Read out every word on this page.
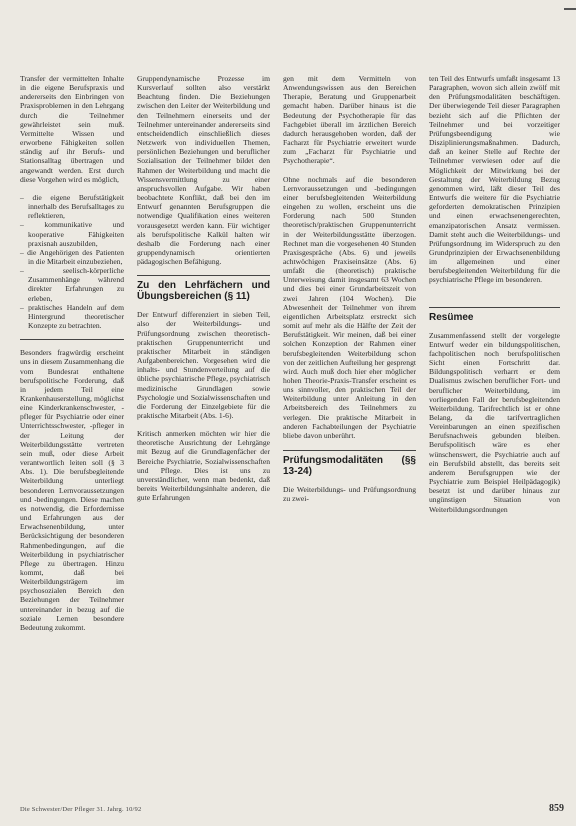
Transfer der vermittelten Inhalte in die eigene Berufspraxis und andererseits den Einbringen von Praxisproblemen in den Lehrgang durch die Teilnehmer gewährleistet sein muß. Vermittelte Wissen und erworbene Fähigkeiten sollen ständig auf ihr Berufs- und Stationsalltag übertragen und angewandt werden. Erst durch diese Vorgehen wird es möglich,

– die eigene Berufstätigkeit innerhalb des Berufsalltages zu reflektieren,
– kommunikative und kooperative Fähigkeiten praxisnah auszubilden,
– die Angehörigen des Patienten in die Mitarbeit einzubeziehen,
– seelisch-körperliche Zusammenhänge während direkter Erfahrungen zu erleben,
– praktisches Handeln auf dem Hintergrund theoretischer Konzepte zu betrachten.

Besonders fragwürdig erscheint uns in diesem Zusammenhang die vom Bundesrat enthaltene berufspolitische Forderung, daß in jedem Teil eine Krankenhauserstellung, möglichst eine Kinderkrankenschwester, -pfleger für Psychiatrie oder einer Unterrichtsschwester, -pfleger in der Leitung der Weiterbildungsstätte vertreten sein muß, oder diese Arbeit verantwortlich leiten soll (§ 3 Abs. 1). Die berufsbegleitende Weiterbildung unterliegt besonderen Lernvoraussetzungen und -bedingungen. Diese machen es notwendig, die Erfordernisse und Erfahrungen aus der Erwachsenenbildung, unter Berücksichtigung der besonderen Rahmenbedingungen, auf die Weiterbildung in psychiatrischer Pflege zu übertragen. Hinzu kommt, daß bei Weiterbildungsträgern im psychosozialen Bereich den Beziehungen der Teilnehmer untereinander in bezug auf die soziale Lernen besondere Bedeutung zukommt.

Gruppendynamische Prozesse im Kursverlauf sollten also verstärkt Beachtung finden. Die Beziehungen zwischen den Leiter der Weiterbildung und den Teilnehmern einerseits und der Teilnehmer untereinander andererseits sind entscheidendlich einschließlich dieses Netzwerk von individuellen Themen, persönlichen Beziehungen und beruflicher Sozialisation der Teilnehmer bildet den Rahmen der Weiterbildung und macht die Wissensvermittlung zu einer anspruchsvollen Aufgabe. Wir haben beobachtete Konflikt, daß bei den im Entwurf genannten Berufsgruppen die notwendige Qualifikation eines weiteren vorausgesetzt werden kann. Für wichtiger als berufspolitische Kalkül halten wir deshalb die Forderung nach einer gruppendynamisch orientierten pädagogischen Befähigung.

Zu den Lehrfächern und Übungsbereichen (§ 11)

Der Entwurf differenziert in sieben Teil, also der Weiterbildungs- und Prüfungsordnung zwischen theoretisch-praktischen Gruppenunterricht und praktischer Mitarbeit in ständigen Aufgabenbereichen. Vorgesehen wird die inhalts- und Stundenverteilung auf die übliche psychiatrische Pflege, psychiatrisch medizinische Grundlagen sowie Psychologie und Sozialwissenschaften und die Forderung der Einzelgebiete für die praktische Mitarbeit (Abs. 1-6).

Kritisch anmerken möchten wir hier die theoretische Ausrichtung der Lehrgänge mit Bezug auf die Grundlagenfächer der Bereiche Psychiatrie, Sozialwissenschaften und Pflege. Dies ist uns zu unverständlicher, wenn man bedenkt, daß bereits Weiterbildungsinhalte anderen, die gute Erfahrungen

gen mit dem Vermitteln von Anwendungswissen aus den Bereichen Therapie, Beratung und Gruppenarbeit gemacht haben. Darüber hinaus ist die Bedeutung der Psychotherapie für das Fachgebiet überall im ärztlichen Bereich dadurch herausgehoben worden, daß der Facharzt für Psychiatrie erweitert wurde zum „Facharzt für Psychiatrie und Psychotherapie“.

Ohne nochmals auf die besonderen Lernvoraussetzungen und -bedingungen einer berufsbegleitenden Weiterbildung eingehen zu wollen, erscheint uns die Forderung nach 500 Stunden theoretisch/praktischen Gruppenunterricht in der Weiterbildungsstätte überzogen. Rechnet man die vorgesehenen 40 Stunden Praxisgespräche (Abs. 6) und jeweils achtwöchigen Praxiseinsätze (Abs. 6) umfaßt die (theoretisch) praktische Unterweisung damit insgesamt 63 Wochen und dies bei einer Grundarbeitszeit von zwei Jahren (104 Wochen). Die Abwesenheit der Teilnehmer von ihrem eigentlichen Arbeitsplatz erstreckt sich somit auf mehr als die Hälfte der Zeit der Berufstätigkeit. Wir meinen, daß bei einer solchen Konzeption der Rahmen einer berufsbegleitenden Weiterbildung schon von der zeitlichen Aufteilung her gesprengt wird. Auch muß doch hier eher möglicher hohen Theorie-Praxis-Transfer erscheint es uns sinnvoller, den praktischen Teil der Weiterbildung unter Anleitung in den Arbeitsbereich des Teilnehmers zu verlegen. Die praktische Mitarbeit in anderen Fachabteilungen der Psychiatrie bliebe davon unberührt.

Prüfungsmodalitäten (§§ 13-24)

Die Weiterbildungs- und Prüfungsordnung zu zwei-

ten Teil des Entwurfs umfaßt insgesamt 13 Paragraphen, wovon sich allein zwölf mit den Prüfungsmodalitäten beschäftigen. Der überwiegende Teil dieser Paragraphen bezieht sich auf die Pflichten der Teilnehmer und bei vorzeitiger Prüfungsbeendigung wie Disziplinierungsmaßnahmen. Dadurch, daß an keiner Stelle auf Rechte der Teilnehmer verwiesen oder auf die Möglichkeit der Mitwirkung bei der Gestaltung der Weiterbildung Bezug genommen wird, läßt dieser Teil des Entwurfs die weitere für die Psychiatrie geforderten demokratischen Prinzipien und einen erwachsenengerechten, emanzipatorischen Ansatz vermissen. Damit steht auch die Weiterbildungs- und Prüfungsordnung im Widerspruch zu den Grundprinzipien der Erwachsenenbildung im allgemeinen und einer berufsbegleitenden Weiterbildung für die psychiatrische Pflege im besonderen.

Resümee

Zusammenfassend stellt der vorgelegte Entwurf weder ein bildungspolitischen, fachpolitischen noch berufspolitischen Sicht einen Fortschritt dar. Bildungspolitisch verharrt er dem Dualismus zwischen beruflicher Fort- und beruflicher Weiterbildung, im vorliegenden Fall der berufsbegleitenden Weiterbildung. Tarifrechtlich ist er ohne Belang, da die tarifvertraglichen Vereinbarungen an einen spezifischen Berufsnachweis gebunden bleiben. Berufspolitisch wäre es eher wünschenswert, die Psychiatrie auch auf ein Berufsbild abstellt, das bereits seit anderem Berufsgruppen wie der Psychiatrie zum Beispiel Heilpädagogik) besetzt ist und darüber hinaus zur ungünstigen Situation von Weiterbildungsordnungen

Die Schwester/Der Pfleger 31. Jahrg. 10/92	859
